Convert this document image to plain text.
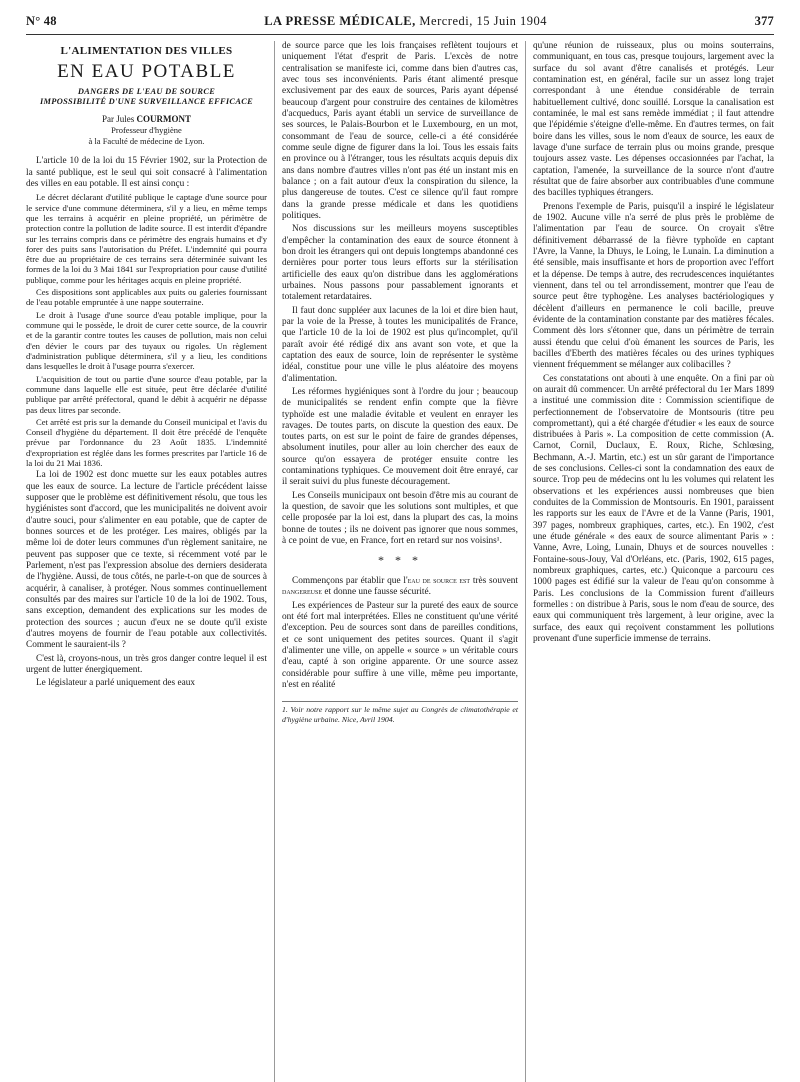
N° 48	LA PRESSE MÉDICALE, Mercredi, 15 Juin 1904	377
L'ALIMENTATION DES VILLES
EN EAU POTABLE
DANGERS DE L'EAU DE SOURCE
IMPOSSIBILITÉ D'UNE SURVEILLANCE EFFICACE
Par Jules COURMONT
Professeur d'hygiène
à la Faculté de médecine de Lyon.

L'article 10 de la loi du 15 Février 1902, sur la Protection de la santé publique, est le seul qui soit consacré à l'alimentation des villes en eau potable. Il est ainsi conçu :

Le décret déclarant d'utilité publique le captage d'une source pour le service d'une commune déterminera, s'il y a lieu, en même temps que les terrains à acquérir en pleine propriété, un périmètre de protection contre la pollution de ladite source. Il est interdit d'épandre sur les terrains compris dans ce périmètre des engrais humains et d'y forer des puits sans l'autorisation du Préfet. L'indemnité qui pourra être due au propriétaire de ces terrains sera déterminée suivant les formes de la loi du 3 Mai 1841 sur l'expropriation pour cause d'utilité publique, comme pour les héritages acquis en pleine propriété.

Ces dispositions sont applicables aux puits ou galeries fournissant de l'eau potable empruntée à une nappe souterraine.

Le droit à l'usage d'une source d'eau potable implique, pour la commune qui le possède, le droit de curer cette source, de la couvrir et de la garantir contre toutes les causes de pollution, mais non celui d'en dévier le cours par des tuyaux ou rigoles. Un règlement d'administration publique déterminera, s'il y a lieu, les conditions dans lesquelles le droit à l'usage pourra s'exercer.

L'acquisition de tout ou partie d'une source d'eau potable, par la commune dans laquelle elle est située, peut être déclarée d'utilité publique par arrêté préfectoral, quand le débit à acquérir ne dépasse pas deux litres par seconde.

Cet arrêté est pris sur la demande du Conseil municipal et l'avis du Conseil d'hygiène du département. Il doit être précédé de l'enquête prévue par l'ordonnance du 23 Août 1835. L'indemnité d'expropriation est réglée dans les formes prescrites par l'article 16 de la loi du 21 Mai 1836.

La loi de 1902 est donc muette sur les eaux potables autres que les eaux de source. La lecture de l'article précédent laisse supposer que le problème est définitivement résolu, que tous les hygiénistes sont d'accord, que les municipalités ne doivent avoir d'autre souci, pour s'alimenter en eau potable, que de capter de bonnes sources et de les protéger. Les maires, obligés par la même loi de doter leurs communes d'un règlement sanitaire, ne peuvent pas supposer que ce texte, si récemment voté par le Parlement, n'est pas l'expression absolue des derniers desiderata de l'hygiène. Aussi, de tous côtés, ne parle-t-on que de sources à acquérir, à canaliser, à protéger. Nous sommes continuellement consultés par des maires sur l'article 10 de la loi de 1902. Tous, sans exception, demandent des explications sur les modes de protection des sources ; aucun d'eux ne se doute qu'il existe d'autres moyens de fournir de l'eau potable aux collectivités. Comment le sauraient-ils ?

C'est là, croyons-nous, un très gros danger contre lequel il est urgent de lutter énergiquement.

Le législateur a parlé uniquement des eaux

de source parce que les lois françaises reflètent toujours et uniquement l'état d'esprit de Paris. L'excès de notre centralisation se manifeste ici, comme dans bien d'autres cas, avec tous ses inconvénients. Paris étant alimenté presque exclusivement par des eaux de sources, Paris ayant dépensé beaucoup d'argent pour construire des centaines de kilomètres d'acqueducs, Paris ayant établi un service de surveillance de ses sources, le Palais-Bourbon et le Luxembourg, en un mot, consommant de l'eau de source, celle-ci a été considérée comme seule digne de figurer dans la loi. Tous les essais faits en province ou à l'étranger, tous les résultats acquis depuis dix ans dans nombre d'autres villes n'ont pas été un instant mis en balance ; on a fait autour d'eux la conspiration du silence, la plus dangereuse de toutes. C'est ce silence qu'il faut rompre dans la grande presse médicale et dans les quotidiens politiques.

Nos discussions sur les meilleurs moyens susceptibles d'empêcher la contamination des eaux de source étonnent à bon droit les étrangers qui ont depuis longtemps abandonné ces dernières pour porter tous leurs efforts sur la stérilisation artificielle des eaux qu'on distribue dans les agglomérations urbaines. Nous passons pour passablement ignorants et totalement retardataires.

Il faut donc suppléer aux lacunes de la loi et dire bien haut, par la voie de la Presse, à toutes les municipalités de France, que l'article 10 de la loi de 1902 est plus qu'incomplet, qu'il paraît avoir été rédigé dix ans avant son vote, et que la captation des eaux de source, loin de représenter le système idéal, constitue pour une ville le plus aléatoire des moyens d'alimentation.

Les réformes hygiéniques sont à l'ordre du jour ; beaucoup de municipalités se rendent enfin compte que la fièvre typhoïde est une maladie évitable et veulent en enrayer les ravages. De toutes parts, on discute la question des eaux. De toutes parts, on est sur le point de faire de grandes dépenses, absolument inutiles, pour aller au loin chercher des eaux de source qu'on essayera de protéger ensuite contre les contaminations typhiques. Ce mouvement doit être enrayé, car il serait suivi du plus funeste découragement.

Les Conseils municipaux ont besoin d'être mis au courant de la question, de savoir que les solutions sont multiples, et que celle proposée par la loi est, dans la plupart des cas, la moins bonne de toutes ; ils ne doivent pas ignorer que nous sommes, à ce point de vue, en France, fort en retard sur nos voisins¹.

* * *

Commençons par établir que l'eau de source est très souvent dangereuse et donne une fausse sécurité.

Les expériences de Pasteur sur la pureté des eaux de source ont été fort mal interprétées. Elles ne constituent qu'une vérité d'exception. Peu de sources sont dans de pareilles conditions, et ce sont uniquement des petites sources. Quant il s'agit d'alimenter une ville, on appelle « source » un véritable cours d'eau, capté à son origine apparente. Or une source assez considérable pour suffire à une ville, même peu importante, n'est en réalité

1. Voir notre rapport sur le même sujet au Congrès de climatothérapie et d'hygiène urbaine. Nice, Avril 1904.

qu'une réunion de ruisseaux, plus ou moins souterrains, communiquant, en tous cas, presque toujours, largement avec la surface du sol avant d'être canalisés et protégés. Leur contamination est, en général, facile sur un assez long trajet correspondant à une étendue considérable de terrain habituellement cultivé, donc souillé. Lorsque la canalisation est contaminée, le mal est sans remède immédiat ; il faut attendre que l'épidémie s'éteigne d'elle-même. En d'autres termes, on fait boire dans les villes, sous le nom d'eaux de source, les eaux de lavage d'une surface de terrain plus ou moins grande, presque toujours assez vaste. Les dépenses occasionnées par l'achat, la captation, l'amenée, la surveillance de la source n'ont d'autre résultat que de faire absorber aux contribuables d'une commune des bacilles typhiques étrangers.

Prenons l'exemple de Paris, puisqu'il a inspiré le législateur de 1902. Aucune ville n'a serré de plus près le problème de l'alimentation par l'eau de source. On croyait s'être définitivement débarrassé de la fièvre typhoïde en captant l'Avre, la Vanne, la Dhuys, le Loing, le Lunain. La diminution a été sensible, mais insuffisante et hors de proportion avec l'effort et la dépense. De temps à autre, des recrudescences inquiétantes viennent, dans tel ou tel arrondissement, montrer que l'eau de source peut être typhogène. Les analyses bactériologiques y décèlent d'ailleurs en permanence le coli bacille, preuve évidente de la contamination constante par des matières fécales. Comment dès lors s'étonner que, dans un périmètre de terrain aussi étendu que celui d'où émanent les sources de Paris, les bacilles d'Eberth des matières fécales ou des urines typhiques viennent fréquemment se mélanger aux colibacilles ?

Ces constatations ont abouti à une enquête. On a fini par où on aurait dû commencer. Un arrêté préfectoral du 1er Mars 1899 a institué une commission dite : Commission scientifique de perfectionnement de l'observatoire de Montsouris (titre peu compromettant), qui a été chargée d'étudier « les eaux de source distribuées à Paris ». La composition de cette commission (A. Carnot, Cornil, Duclaux, E. Roux, Riche, Schlœsing, Bechmann, A.-J. Martin, etc.) est un sûr garant de l'importance de ses conclusions. Celles-ci sont la condamnation des eaux de source. Trop peu de médecins ont lu les volumes qui relatent les observations et les expériences aussi nombreuses que bien conduites de la Commission de Montsouris. En 1901, paraissent les rapports sur les eaux de l'Avre et de la Vanne (Paris, 1901, 397 pages, nombreux graphiques, cartes, etc.). En 1902, c'est une étude générale « des eaux de source alimentant Paris » : Vanne, Avre, Loing, Lunain, Dhuys et de sources nouvelles : Fontaine-sous-Jouy, Val d'Orléans, etc. (Paris, 1902, 615 pages, nombreux graphiques, cartes, etc.) Quiconque a parcouru ces 1000 pages est édifié sur la valeur de l'eau qu'on consomme à Paris. Les conclusions de la Commission furent d'ailleurs formelles : on distribue à Paris, sous le nom d'eau de source, des eaux qui communiquent très largement, à leur origine, avec la surface, des eaux qui reçoivent constamment les pollutions provenant d'une superficie immense de terrains.
